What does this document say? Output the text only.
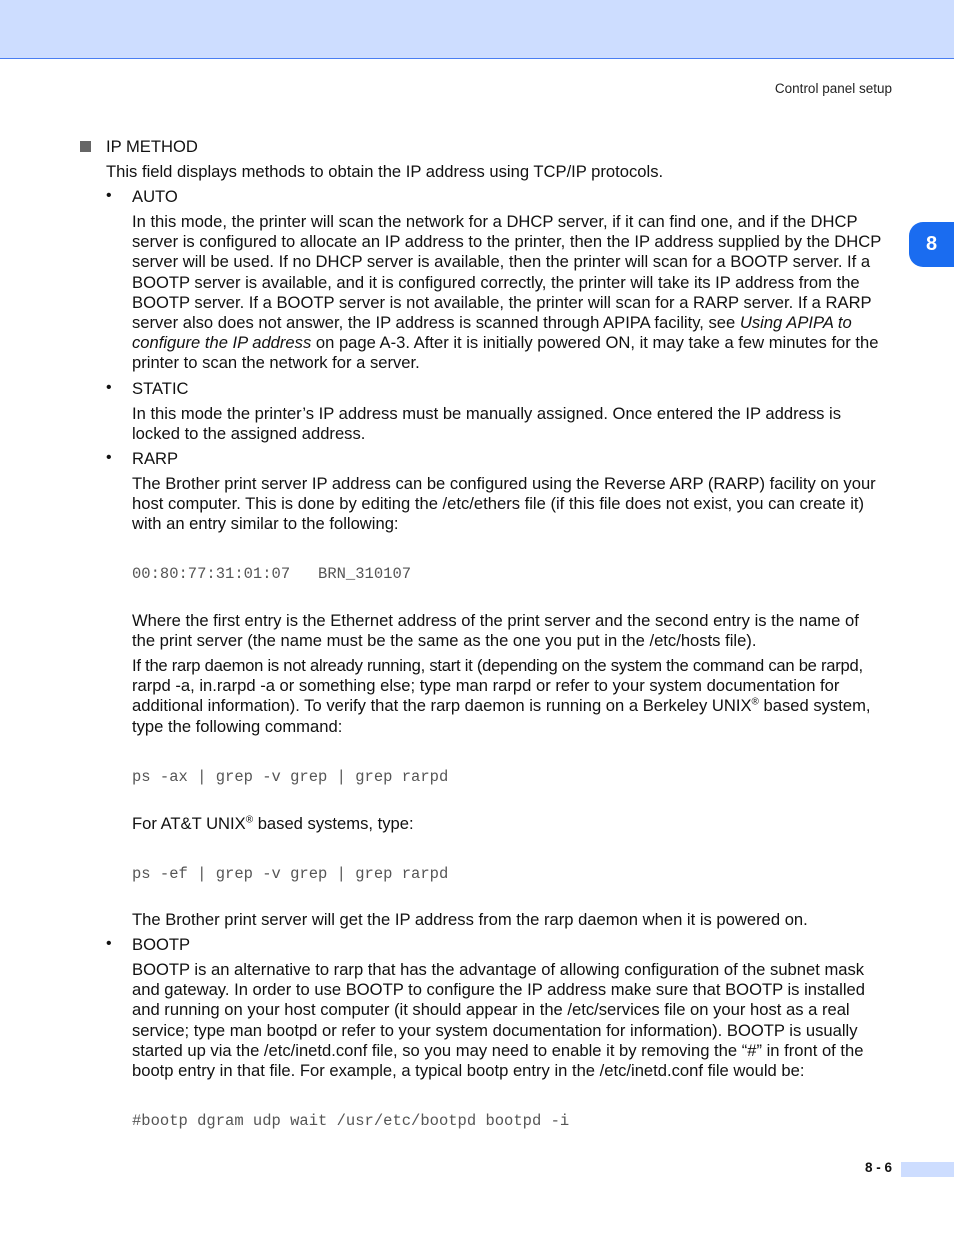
Control panel setup
8
IP METHOD
This field displays methods to obtain the IP address using TCP/IP protocols.
• AUTO
In this mode, the printer will scan the network for a DHCP server, if it can find one, and if the DHCP
server is configured to allocate an IP address to the printer, then the IP address supplied by the DHCP
server will be used. If no DHCP server is available, then the printer will scan for a BOOTP server. If a
BOOTP server is available, and it is configured correctly, the printer will take its IP address from the
BOOTP server. If a BOOTP server is not available, the printer will scan for a RARP server. If a RARP
server also does not answer, the IP address is scanned through APIPA facility, see Using APIPA to
configure the IP address on page A-3. After it is initially powered ON, it may take a few minutes for the
printer to scan the network for a server.
• STATIC
In this mode the printer’s IP address must be manually assigned. Once entered the IP address is
locked to the assigned address.
• RARP
The Brother print server IP address can be configured using the Reverse ARP (RARP) facility on your
host computer. This is done by editing the /etc/ethers file (if this file does not exist, you can create it)
with an entry similar to the following:
00:80:77:31:01:07   BRN_310107
Where the first entry is the Ethernet address of the print server and the second entry is the name of
the print server (the name must be the same as the one you put in the /etc/hosts file).
If the rarp daemon is not already running, start it (depending on the system the command can be rarpd,
rarpd -a, in.rarpd -a or something else; type man rarpd or refer to your system documentation for
additional information). To verify that the rarp daemon is running on a Berkeley UNIX® based system,
type the following command:
ps -ax | grep -v grep | grep rarpd
For AT&T UNIX® based systems, type:
ps -ef | grep -v grep | grep rarpd
The Brother print server will get the IP address from the rarp daemon when it is powered on.
• BOOTP
BOOTP is an alternative to rarp that has the advantage of allowing configuration of the subnet mask
and gateway. In order to use BOOTP to configure the IP address make sure that BOOTP is installed
and running on your host computer (it should appear in the /etc/services file on your host as a real
service; type man bootpd or refer to your system documentation for information). BOOTP is usually
started up via the /etc/inetd.conf file, so you may need to enable it by removing the “#” in front of the
bootp entry in that file. For example, a typical bootp entry in the /etc/inetd.conf file would be:
#bootp dgram udp wait /usr/etc/bootpd bootpd -i
8 - 6
